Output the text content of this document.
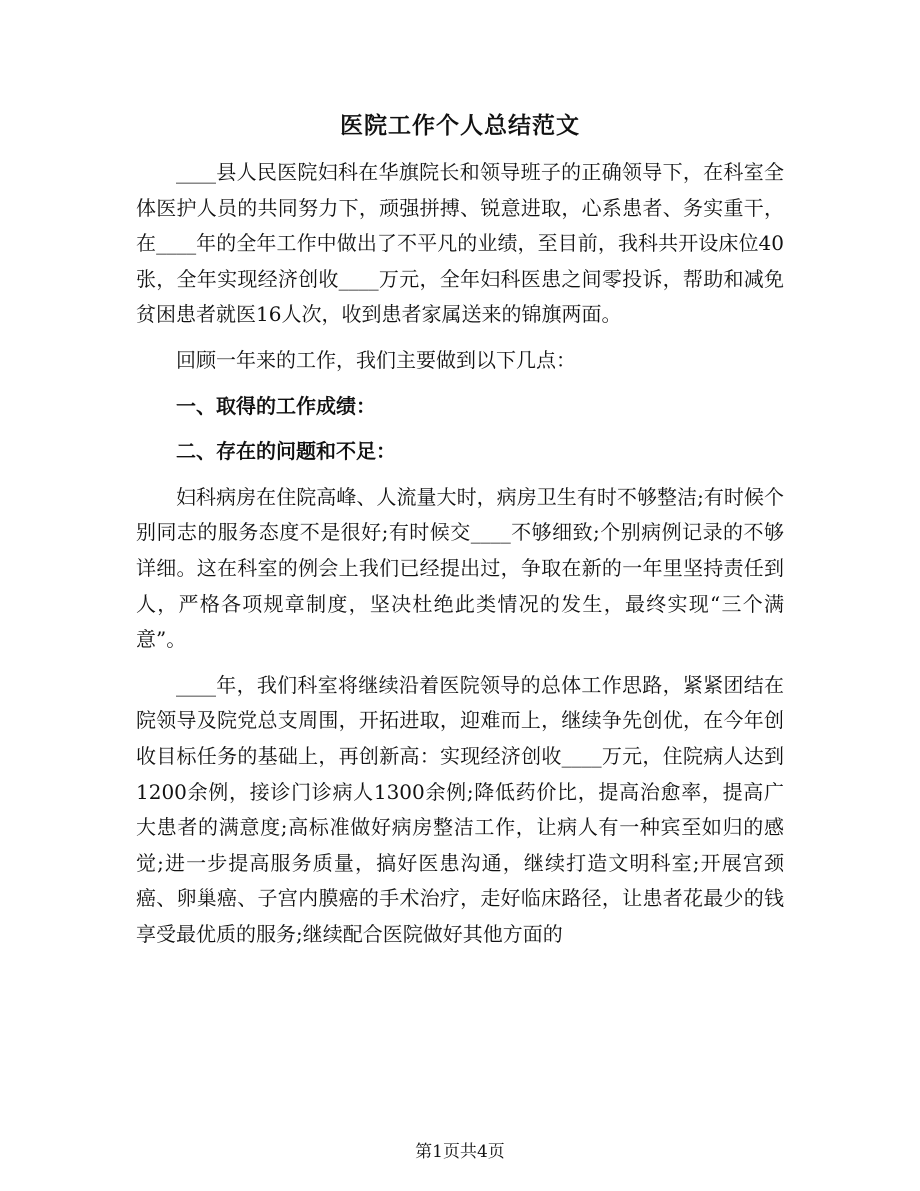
医院工作个人总结范文

____县人民医院妇科在华旗院长和领导班子的正确领导下，在科室全体医护人员的共同努力下，顽强拼搏、锐意进取，心系患者、务实重干，在____年的全年工作中做出了不平凡的业绩，至目前，我科共开设床位40张，全年实现经济创收____万元，全年妇科医患之间零投诉，帮助和减免贫困患者就医16人次，收到患者家属送来的锦旗两面。

回顾一年来的工作，我们主要做到以下几点：

一、取得的工作成绩：

二、存在的问题和不足：

妇科病房在住院高峰、人流量大时，病房卫生有时不够整洁;有时候个别同志的服务态度不是很好;有时候交____不够细致;个别病例记录的不够详细。这在科室的例会上我们已经提出过，争取在新的一年里坚持责任到人，严格各项规章制度，坚决杜绝此类情况的发生，最终实现“三个满意”。

____年，我们科室将继续沿着医院领导的总体工作思路，紧紧团结在院领导及院党总支周围，开拓进取，迎难而上，继续争先创优，在今年创收目标任务的基础上，再创新高：实现经济创收____万元，住院病人达到1200余例，接诊门诊病人1300余例;降低药价比，提高治愈率，提高广大患者的满意度;高标准做好病房整洁工作，让病人有一种宾至如归的感觉;进一步提高服务质量，搞好医患沟通，继续打造文明科室;开展宫颈癌、卵巢癌、子宫内膜癌的手术治疗，走好临床路径，让患者花最少的钱享受最优质的服务;继续配合医院做好其他方面的

第1页共4页
